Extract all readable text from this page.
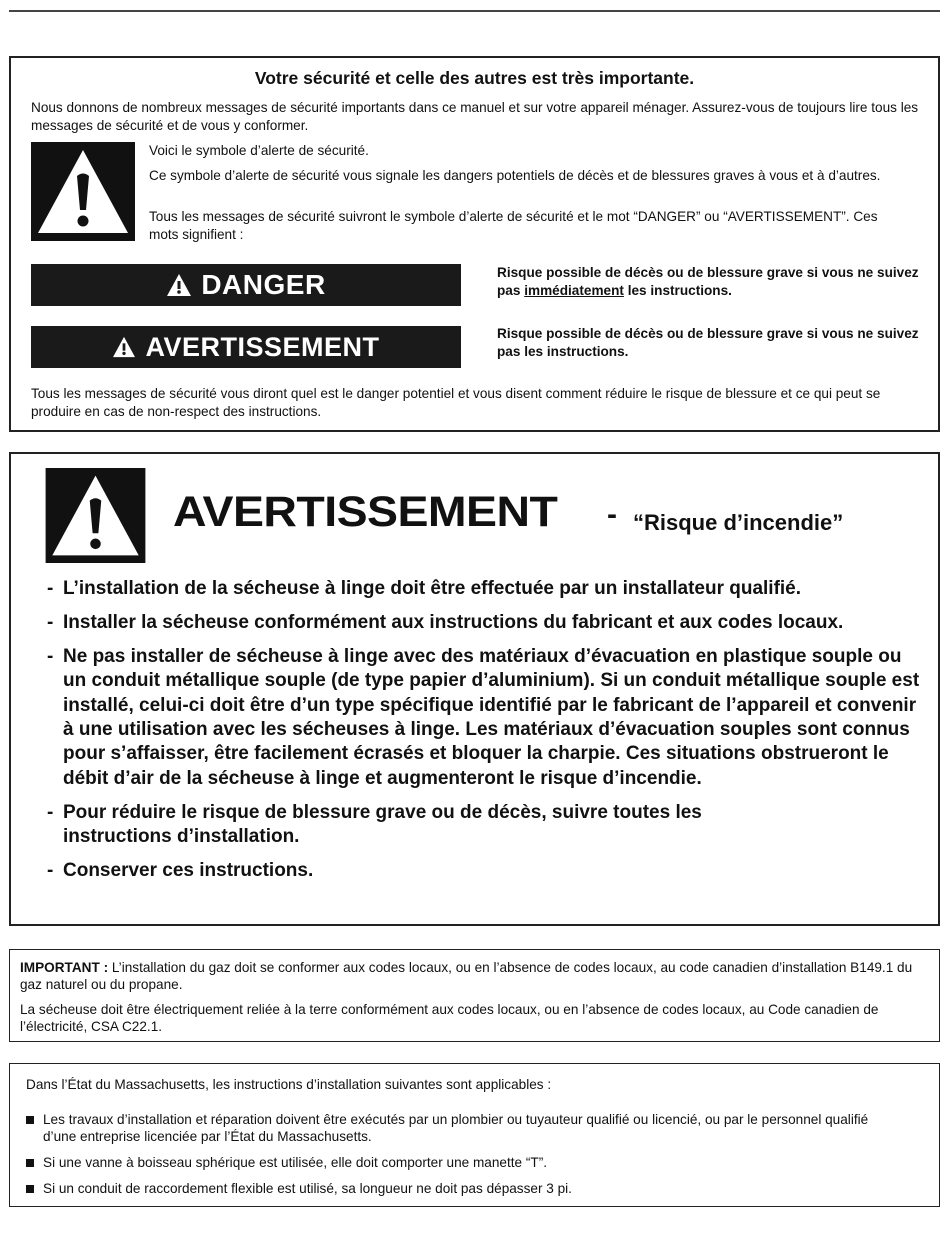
Votre sécurité et celle des autres est très importante.

Nous donnons de nombreux messages de sécurité importants dans ce manuel et sur votre appareil ménager. Assurez-vous de toujours lire tous les messages de sécurité et de vous y conformer.

Voici le symbole d’alerte de sécurité.

Ce symbole d’alerte de sécurité vous signale les dangers potentiels de décès et de blessures graves à vous et à d’autres.

Tous les messages de sécurité suivront le symbole d’alerte de sécurité et le mot “DANGER” ou “AVERTISSEMENT”. Ces mots signifient :

DANGER	Risque possible de décès ou de blessure grave si vous ne suivez pas immédiatement les instructions.

AVERTISSEMENT	Risque possible de décès ou de blessure grave si vous ne suivez pas les instructions.

Tous les messages de sécurité vous diront quel est le danger potentiel et vous disent comment réduire le risque de blessure et ce qui peut se produire en cas de non-respect des instructions.

AVERTISSEMENT - “Risque d’incendie”
- L’installation de la sécheuse à linge doit être effectuée par un installateur qualifié.
- Installer la sécheuse conformément aux instructions du fabricant et aux codes locaux.
- Ne pas installer de sécheuse à linge avec des matériaux d’évacuation en plastique souple ou un conduit métallique souple (de type papier d’aluminium). Si un conduit métallique souple est installé, celui-ci doit être d’un type spécifique identifié par le fabricant de l’appareil et convenir à une utilisation avec les sécheuses à linge. Les matériaux d’évacuation souples sont connus pour s’affaisser, être facilement écrasés et bloquer la charpie. Ces situations obstrueront le débit d’air de la sécheuse à linge et augmenteront le risque d’incendie.
- Pour réduire le risque de blessure grave ou de décès, suivre toutes les instructions d’installation.
- Conserver ces instructions.

IMPORTANT : L’installation du gaz doit se conformer aux codes locaux, ou en l’absence de codes locaux, au code canadien d’installation B149.1 du gaz naturel ou du propane.

La sécheuse doit être électriquement reliée à la terre conformément aux codes locaux, ou en l’absence de codes locaux, au Code canadien de l’électricité, CSA C22.1.

Dans l’État du Massachusetts, les instructions d’installation suivantes sont applicables :

Les travaux d’installation et réparation doivent être exécutés par un plombier ou tuyauteur qualifié ou licencié, ou par le personnel qualifié d’une entreprise licenciée par l’État du Massachusetts.
Si une vanne à boisseau sphérique est utilisée, elle doit comporter une manette “T”.
Si un conduit de raccordement flexible est utilisé, sa longueur ne doit pas dépasser 3 pi.
